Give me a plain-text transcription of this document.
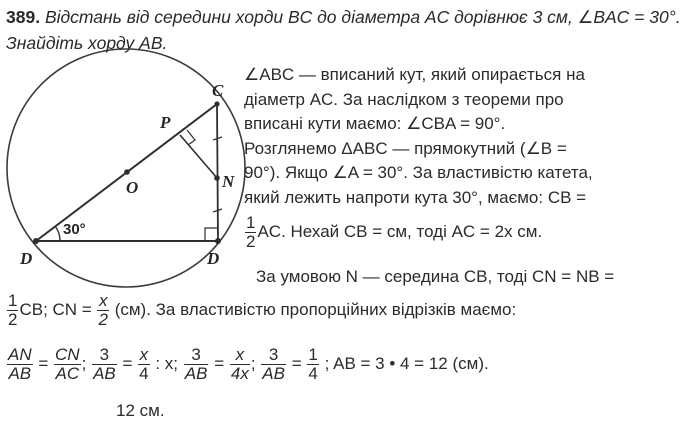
389. Відстань від середини хорди BC до діаметра AC дорівнює 3 см, ∠BAC = 30°. Знайдіть хорду AB.
C
P
O	N
D	D
30°
∠ABC — вписаний кут, який опирається на
діаметр AC. За наслідком з теореми про
вписані кути маємо: ∠CBA = 90°.
Розглянемо ΔABC — прямокутний (∠B =
90°). Якщо ∠A = 30°. За властивістю катета,
який лежить напроти кута 30°, маємо: CB =
$\frac{1}{2}$ AC. Нехай CB = см, тоді AC = 2x см.
За умовою N — середина CB, тоді CN = NB =
$\frac{1}{2}$ CB; CN = $\frac{x}{2} (см)$. За властивістю пропорційних відрізків маємо:
$\frac{AN}{AB} = \frac{CN}{AC}$ ; $\frac{3}{AB} = \frac{x}{4}$ : x; $\frac{3}{AB} = \frac{x}{4x}$ ; $\frac{3}{AB} = \frac{1}{4}$ ; AB = 3 • 4 = 12 (см).
12 см.
